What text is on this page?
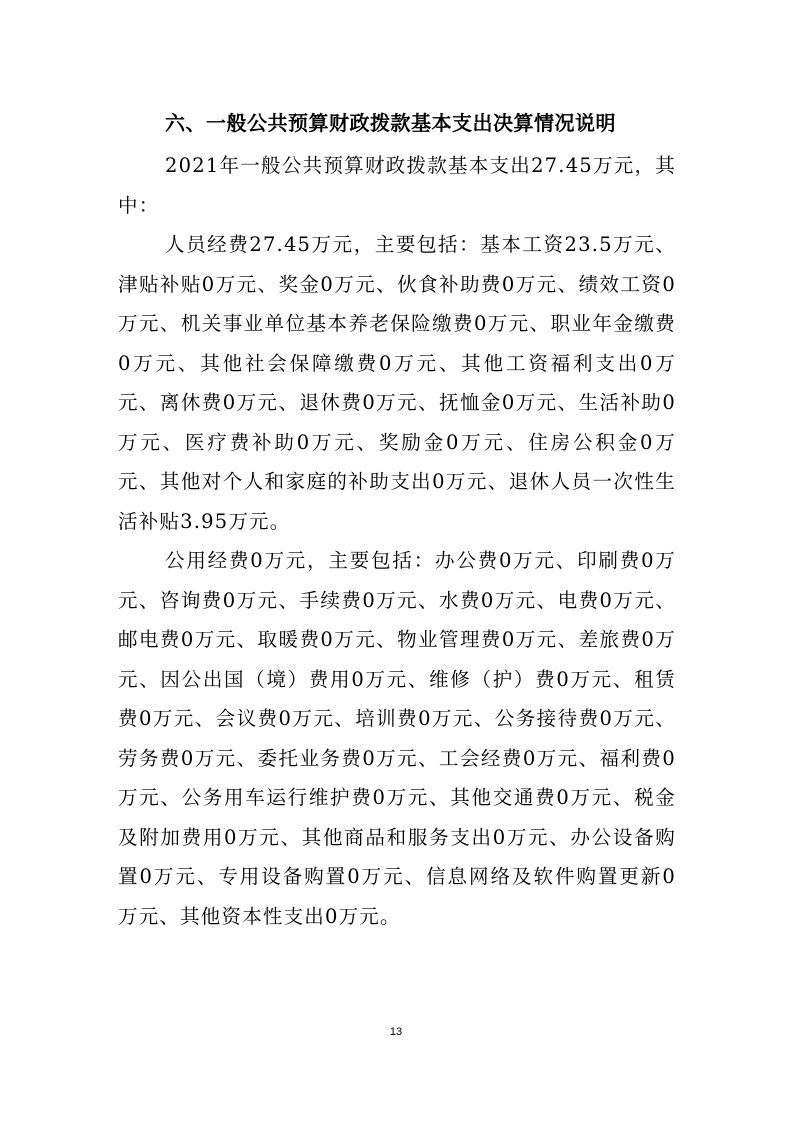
六、一般公共预算财政拨款基本支出决算情况说明

2021年一般公共预算财政拨款基本支出27.45万元，其中：

人员经费27.45万元，主要包括：基本工资23.5万元、津贴补贴0万元、奖金0万元、伙食补助费0万元、绩效工资0万元、机关事业单位基本养老保险缴费0万元、职业年金缴费0万元、其他社会保障缴费0万元、其他工资福利支出0万元、离休费0万元、退休费0万元、抚恤金0万元、生活补助0万元、医疗费补助0万元、奖励金0万元、住房公积金0万元、其他对个人和家庭的补助支出0万元、退休人员一次性生活补贴3.95万元。

公用经费0万元，主要包括：办公费0万元、印刷费0万元、咨询费0万元、手续费0万元、水费0万元、电费0万元、邮电费0万元、取暖费0万元、物业管理费0万元、差旅费0万元、因公出国（境）费用0万元、维修（护）费0万元、租赁费0万元、会议费0万元、培训费0万元、公务接待费0万元、劳务费0万元、委托业务费0万元、工会经费0万元、福利费0万元、公务用车运行维护费0万元、其他交通费0万元、税金及附加费用0万元、其他商品和服务支出0万元、办公设备购置0万元、专用设备购置0万元、信息网络及软件购置更新0万元、其他资本性支出0万元。

13
